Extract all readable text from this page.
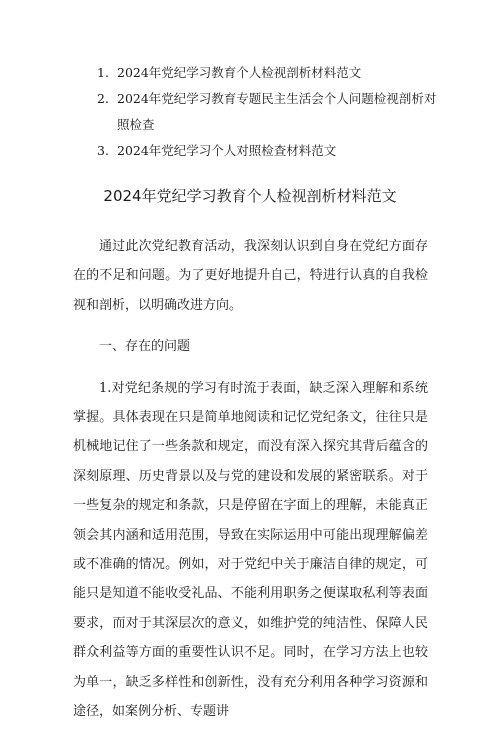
1. 2024年党纪学习教育个人检视剖析材料范文
2. 2024年党纪学习教育专题民主生活会个人问题检视剖析对照检查
3. 2024年党纪学习个人对照检查材料范文
2024年党纪学习教育个人检视剖析材料范文

通过此次党纪教育活动，我深刻认识到自身在党纪方面存在的不足和问题。为了更好地提升自己，特进行认真的自我检视和剖析，以明确改进方向。

一、存在的问题

1.对党纪条规的学习有时流于表面，缺乏深入理解和系统掌握。具体表现在只是简单地阅读和记忆党纪条文，往往只是机械地记住了一些条款和规定，而没有深入探究其背后蕴含的深刻原理、历史背景以及与党的建设和发展的紧密联系。对于一些复杂的规定和条款，只是停留在字面上的理解，未能真正领会其内涵和适用范围，导致在实际运用中可能出现理解偏差或不准确的情况。例如，对于党纪中关于廉洁自律的规定，可能只是知道不能收受礼品、不能利用职务之便谋取私利等表面要求，而对于其深层次的意义，如维护党的纯洁性、保障人民群众利益等方面的重要性认识不足。同时，在学习方法上也较为单一，缺乏多样性和创新性，没有充分利用各种学习资源和途径，如案例分析、专题讲
